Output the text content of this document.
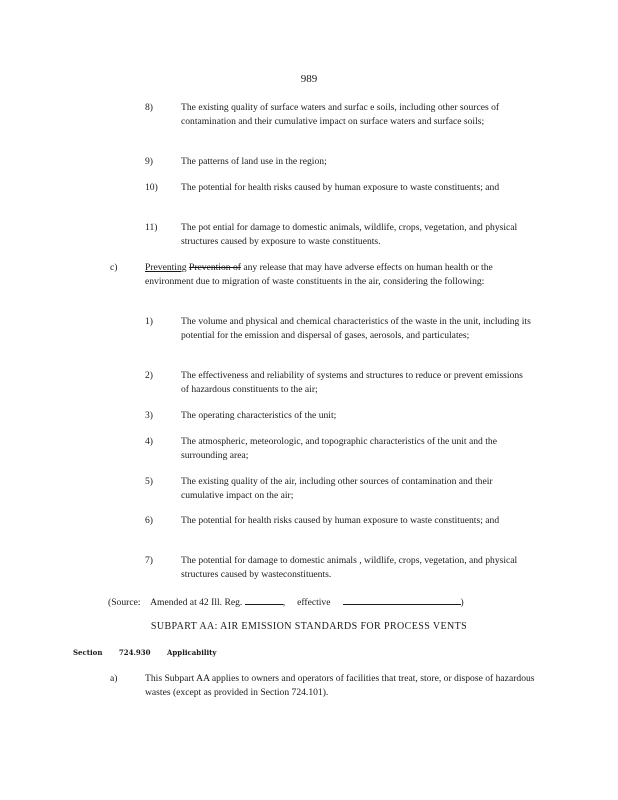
989
8)	The existing quality of surface waters and surfac e soils, including other sources of contamination and their cumulative impact on surface waters and surface soils;
9)	The patterns of land use in the region;
10)	The potential for health risks caused by human exposure to waste constituents; and
11)	The pot ential for damage to domestic animals, wildlife, crops, vegetation, and physical structures caused by exposure to waste constituents.
c)	Preventing Prevention of any release that may have adverse effects on human health or the environment due to migration of waste constituents in the air, considering the following:
1)	The volume and physical and chemical characteristics of the waste in the unit, including its potential for the emission and dispersal of gases, aerosols, and particulates;
2)	The effectiveness and reliability of systems and structures to reduce or prevent emissions of hazardous constituents to the air;
3)	The operating characteristics of the unit;
4)	The atmospheric, meteorologic, and topographic characteristics of the unit and the surrounding area;
5)	The existing quality of the air, including other sources of contamination and their cumulative impact on the air;
6)	The potential for health risks caused by human exposure to waste constituents; and
7)	The potential for damage to domestic animals , wildlife, crops, vegetation, and physical structures caused by wasteconstituents.
(Source: Amended at 42 Ill. Reg.	, effective	)
SUBPART AA: AIR EMISSION STANDARDS FOR PROCESS VENTS
Section 724.930 Applicability
a)	This Subpart AA applies to owners and operators of facilities that treat, store, or dispose of hazardous wastes (except as provided in Section 724.101).
